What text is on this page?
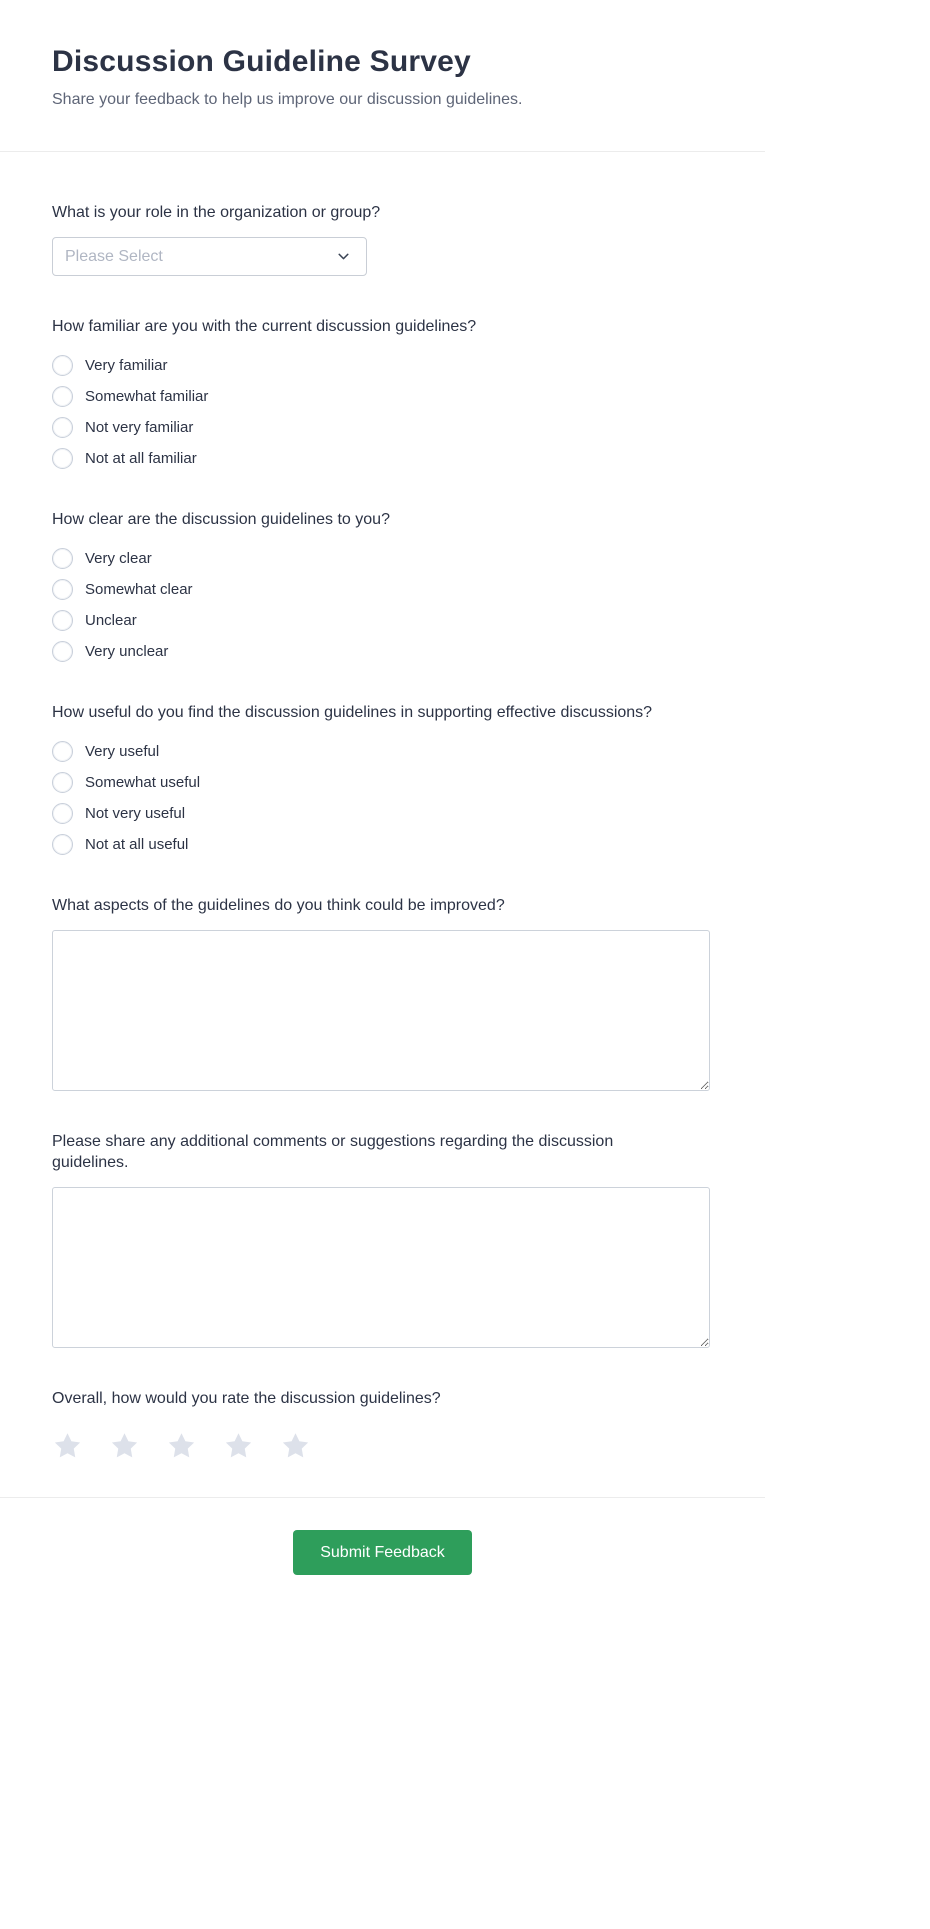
Discussion Guideline Survey

Share your feedback to help us improve our discussion guidelines.

What is your role in the organization or group?
Please Select
How familiar are you with the current discussion guidelines?
Very familiar
Somewhat familiar
Not very familiar
Not at all familiar
How clear are the discussion guidelines to you?
Very clear
Somewhat clear
Unclear
Very unclear
How useful do you find the discussion guidelines in supporting effective discussions?
Very useful
Somewhat useful
Not very useful
Not at all useful
What aspects of the guidelines do you think could be improved?
Please share any additional comments or suggestions regarding the discussion guidelines.
Overall, how would you rate the discussion guidelines?
Submit Feedback
